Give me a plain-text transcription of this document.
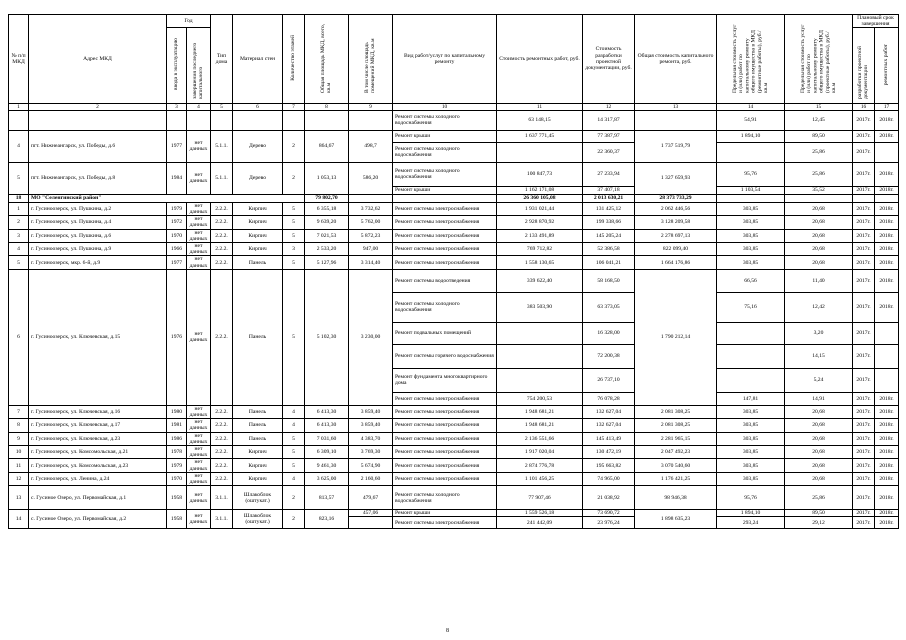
№ п/п МКД	Адрес МКД	Год		Тип дома	Материал стен	Количество этажей	Общая площадь МКД, всего, кв.м	В том числе площадь помещений МКД, кв.м	Вид работ/услуг по капитальному ремонту	Стоимость ремонтных работ, руб.	Стоимость разработки проектной документации, руб.	Общая стоимость капитального ремонта, руб.	Предельная стоимость услуг и (или) работ по капитальному ремонту общего имущества в МКД (ремонтные работы), руб./кв.м	Предельная стоимость услуг и (или) работ по капитальному ремонту общего имущества в МКД (проектные работы), руб./кв.м	Плановый срок завершения	
		ввода в эксплуатацию	завершения последнего капитального												разработки проектной документации	ремонтных работ
1	2	3	4	5	6	7	8	9	10	11	12	13	14	15	16	17
									Ремонт системы холодного водоснабжения	63 148,15	14 317,87		54,91	12,45	2017г.	2018г.
4	пгт. Нижнеангарск, ул. Победы, д.6	1977	нет данных	5.1.1.	Дерево	2	864,67	498,7	Ремонт крыши	1 637 771,45	77 387,97	1 737 519,79	1 894,10	89,50	2017г.	2018г.
									Ремонт системы холодного водоснабжения		22 360,37			25,86	2017г.	
5	пгт. Нижнеангарск, ул. Победы, д.8	1984	нет данных	5.1.1.	Дерево	2	1 053,13	586,20	Ремонт системы холодного водоснабжения	100 847,73	27 233,94	1 327 659,93	95,76	25,86	2017г.	2018г.
									Ремонт крыши	1 162 171,08	37 407,18		1 103,54	35,52	2017г.	2018г.
18	МО "Селенгинский район"						79 802,70			26 360 105,08	2 013 630,21	28 373 733,29				
1	г. Гусиноозерск, ул. Пушкина, д.2	1979	нет данных	2.2.2.	Кирпич	5	6 355,18	3 732,62	Ремонт системы электроснабжения	1 931 021,44	131 425,12	2 062 446,56	303,85	20,68	2017г.	2018г.
2	г. Гусиноозерск, ул. Пушкина, д.4	1972	нет данных	2.2.2.	Кирпич	5	9 639,20	5 762,00	Ремонт системы электроснабжения	2 928 870,92	199 338,66	3 128 209,58	303,85	20,68	2017г.	2018г.
3	г. Гусиноозерск, ул. Пушкина, д.6	1970	нет данных	2.2.2.	Кирпич	5	7 021,53	5 872,23	Ремонт системы электроснабжения	2 133 491,89	145 205,24	2 278 697,13	303,85	20,68	2017г.	2018г.
4	г. Гусиноозерск, ул. Пушкина, д.9	1966	нет данных	2.2.2.	Кирпич	3	2 533,20	947,00	Ремонт системы электроснабжения	769 712,82	52 386,58	822 099,40	303,85	20,68	2017г.	2018г.
5	г. Гусиноозерск, мкр. 6-й, д.9	1977	нет данных	2.2.2.	Панель	5	5 127,96	3 314,40	Ремонт системы электроснабжения	1 558 130,65	106 041,21	1 664 176,86	303,85	20,68	2017г.	2018г.
6	г. Гусиноозерск, ул. Ключевская, д.15	1976	нет данных	2.2.2.	Панель	5	5 102,30	3 230,00	Ремонт системы водоотведения	339 622,40	58 168,50	1 790 212,14	66,56	11,40	2017г.	2018г.
									Ремонт системы холодного водоснабжения	383 503,90	63 373,05		75,16	12,42	2017г.	2018г.
									Ремонт подвальных помещений		16 328,00			3,20	2017г.	
									Ремонт системы горячего водоснабжения		72 200,38			14,15	2017г.	
									Ремонт фундамента многоквартирного дома		26 737,10			5,24	2017г.	
									Ремонт системы электроснабжения	754 200,53	76 078,28		147,81	14,91	2017г.	2018г.
7	г. Гусиноозерск, ул. Ключевская, д.16	1980	нет данных	2.2.2.	Панель	4	6 413,30	3 859,40	Ремонт системы электроснабжения	1 948 681,21	132 627,04	2 081 308,25	303,85	20,68	2017г.	2018г.
8	г. Гусиноозерск, ул. Ключевская, д.17	1981	нет данных	2.2.2.	Панель	4	6 413,30	3 859,40	Ремонт системы электроснабжения	1 948 681,21	132 627,04	2 081 308,25	303,85	20,68	2017г.	2018г.
9	г. Гусиноозерск, ул. Ключевская, д.23	1986	нет данных	2.2.2.	Панель	5	7 031,60	4 383,70	Ремонт системы электроснабжения	2 136 551,66	145 413,49	2 281 965,15	303,85	20,68	2017г.	2018г.
10	г. Гусиноозерск, ул. Комсомольская, д.21	1978	нет данных	2.2.2.	Кирпич	5	6 309,10	3 769,30	Ремонт системы электроснабжения	1 917 020,04	130 472,19	2 047 492,23	303,85	20,68	2017г.	2018г.
11	г. Гусиноозерск, ул. Комсомольская, д.23	1979	нет данных	2.2.2.	Кирпич	5	9 461,30	5 674,90	Ремонт системы электроснабжения	2 874 776,78	195 663,82	3 070 540,60	303,85	20,68	2017г.	2018г.
12	г. Гусиноозерск, ул. Ленина, д.24	1970	нет данных	2.2.2.	Кирпич	4	3 625,00	2 160,60	Ремонт системы электроснабжения	1 101 456,25	74 965,00	1 176 421,25	303,85	20,68	2017г.	2018г.
13	с. Гусиное Озеро, ул. Первомайская, д.1	1958	нет данных	3.1.1.	Шлакоблок (оштукат.)	2	813,57	479,67	Ремонт системы холодного водоснабжения	77 907,46	21 038,92	98 946,38	95,76	25,86	2017г.	2018г.
14	с. Гусиное Озеро, ул. Первомайская, д.2	1958	нет данных	3.1.1.	Шлакоблок (оштукат.)	2	823,16	457,06	Ремонт крыши	1 559 526,18	73 690,72	1 898 635,23	1 894,10	89,50	2017г.	2018г.
									Ремонт системы электроснабжения	241 442,09	23 976,24		293,24	29,12	2017г.	2018г.
8
